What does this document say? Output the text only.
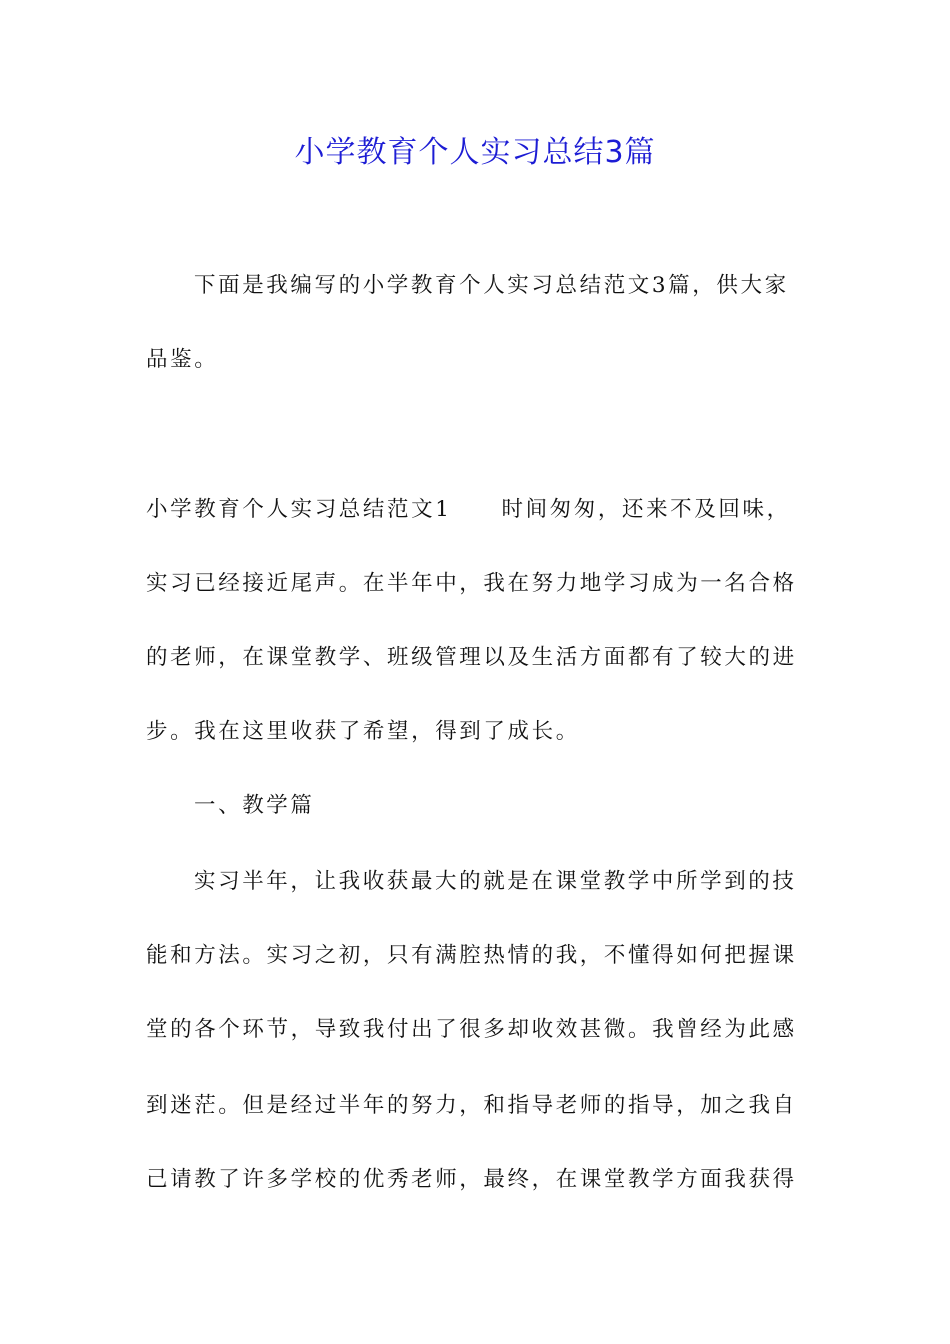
小学教育个人实习总结3篇
下面是我编写的小学教育个人实习总结范文3篇，供大家
品鉴。
小学教育个人实习总结范文1 时间匆匆，还来不及回味，
实习已经接近尾声。在半年中，我在努力地学习成为一名合格
的老师，在课堂教学、班级管理以及生活方面都有了较大的进
步。我在这里收获了希望，得到了成长。
一、教学篇
实习半年，让我收获最大的就是在课堂教学中所学到的技
能和方法。实习之初，只有满腔热情的我，不懂得如何把握课
堂的各个环节，导致我付出了很多却收效甚微。我曾经为此感
到迷茫。但是经过半年的努力，和指导老师的指导，加之我自
己请教了许多学校的优秀老师，最终，在课堂教学方面我获得
